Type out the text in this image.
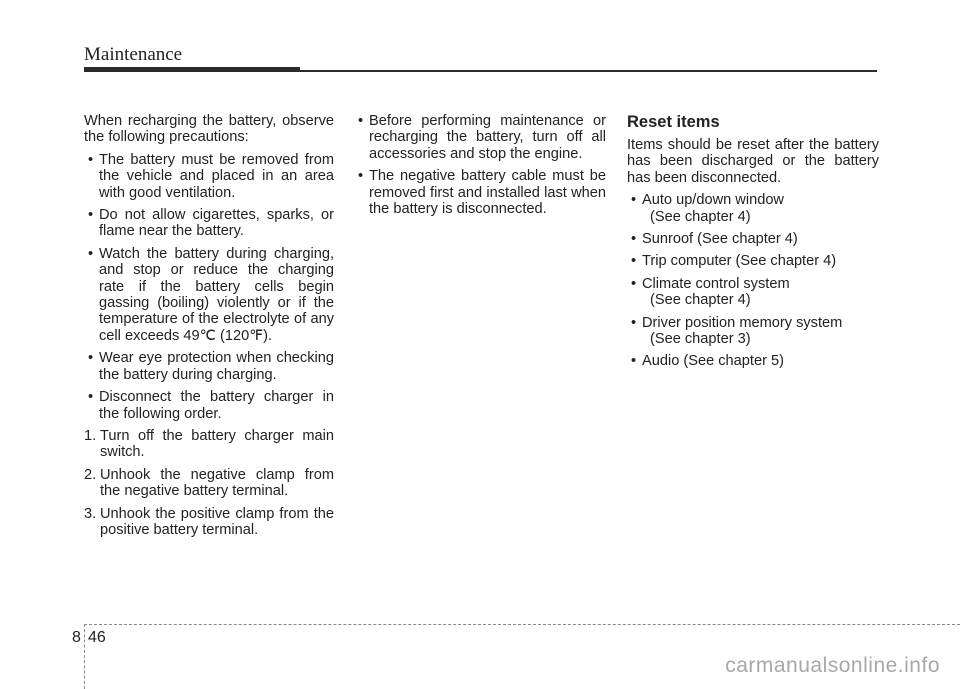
Maintenance

When recharging the battery, observe the following precautions:

• The battery must be removed from the vehicle and placed in an area with good ventilation.
• Do not allow cigarettes, sparks, or flame near the battery.
• Watch the battery during charging, and stop or reduce the charging rate if the battery cells begin gassing (boiling) violently or if the temperature of the electrolyte of any cell exceeds 49℃ (120℉).
• Wear eye protection when checking the battery during charging.
• Disconnect the battery charger in the following order.
1. Turn off the battery charger main switch.
2. Unhook the negative clamp from the negative battery terminal.
3. Unhook the positive clamp from the positive battery terminal.
• Before performing maintenance or recharging the battery, turn off all accessories and stop the engine.
• The negative battery cable must be removed first and installed last when the battery is disconnected.
Reset items

Items should be reset after the battery has been discharged or the battery has been disconnected.

• Auto up/down window
(See chapter 4)
• Sunroof (See chapter 4)
• Trip computer (See chapter 4)
• Climate control system
(See chapter 4)
• Driver position memory system
(See chapter 3)
• Audio (See chapter 5)
8 46
carmanualsonline.info
